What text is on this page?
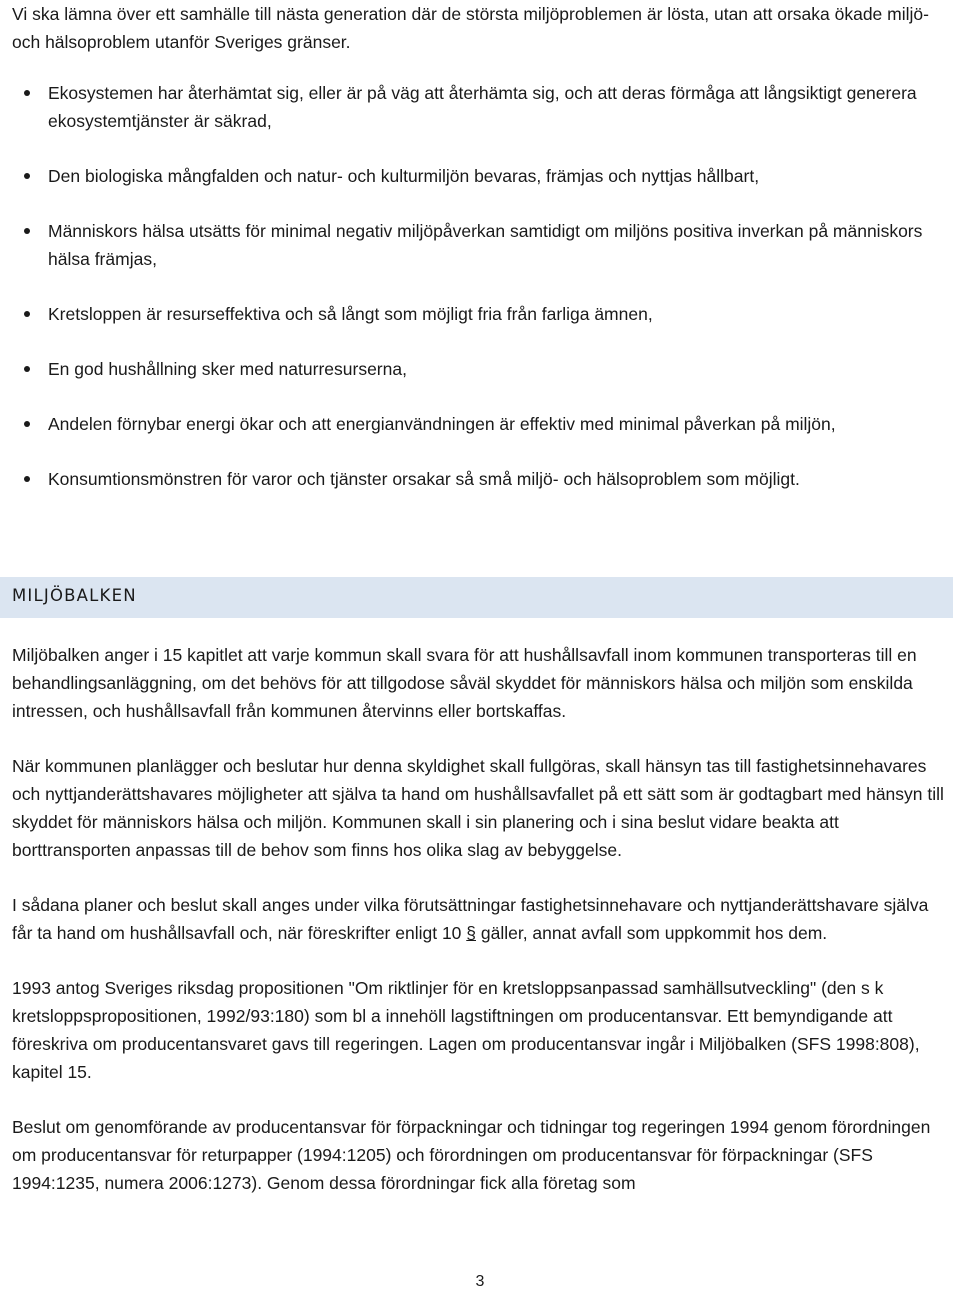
Vi ska lämna över ett samhälle till nästa generation där de största miljöproblemen är lösta, utan att orsaka ökade miljö- och hälsoproblem utanför Sveriges gränser.

Ekosystemen har återhämtat sig, eller är på väg att återhämta sig, och att deras förmåga att långsiktigt generera ekosystemtjänster är säkrad,
Den biologiska mångfalden och natur- och kulturmiljön bevaras, främjas och nyttjas hållbart,
Människors hälsa utsätts för minimal negativ miljöpåverkan samtidigt om miljöns positiva inverkan på människors hälsa främjas,
Kretsloppen är resurseffektiva och så långt som möjligt fria från farliga ämnen,
En god hushållning sker med naturresurserna,
Andelen förnybar energi ökar och att energianvändningen är effektiv med minimal påverkan på miljön,
Konsumtionsmönstren för varor och tjänster orsakar så små miljö- och hälsoproblem som möjligt.
MILJÖBALKEN

Miljöbalken anger i 15 kapitlet att varje kommun skall svara för att hushållsavfall inom kommunen transporteras till en behandlingsanläggning, om det behövs för att tillgodose såväl skyddet för människors hälsa och miljön som enskilda intressen, och hushållsavfall från kommunen återvinns eller bortskaffas.

När kommunen planlägger och beslutar hur denna skyldighet skall fullgöras, skall hänsyn tas till fastighetsinnehavares och nyttjanderättshavares möjligheter att själva ta hand om hushållsavfallet på ett sätt som är godtagbart med hänsyn till skyddet för människors hälsa och miljön. Kommunen skall i sin planering och i sina beslut vidare beakta att borttransporten anpassas till de behov som finns hos olika slag av bebyggelse.

I sådana planer och beslut skall anges under vilka förutsättningar fastighetsinnehavare och nyttjanderättshavare själva får ta hand om hushållsavfall och, när föreskrifter enligt 10 § gäller, annat avfall som uppkommit hos dem.

1993 antog Sveriges riksdag propositionen "Om riktlinjer för en kretsloppsanpassad samhällsutveckling" (den s k kretsloppspropositionen, 1992/93:180) som bl a innehöll lagstiftningen om producentansvar. Ett bemyndigande att föreskriva om producentansvaret gavs till regeringen. Lagen om producentansvar ingår i Miljöbalken (SFS 1998:808), kapitel 15.

Beslut om genomförande av producentansvar för förpackningar och tidningar tog regeringen 1994 genom förordningen om producentansvar för returpapper (1994:1205) och förordningen om producentansvar för förpackningar (SFS 1994:1235, numera 2006:1273). Genom dessa förordningar fick alla företag som

3
